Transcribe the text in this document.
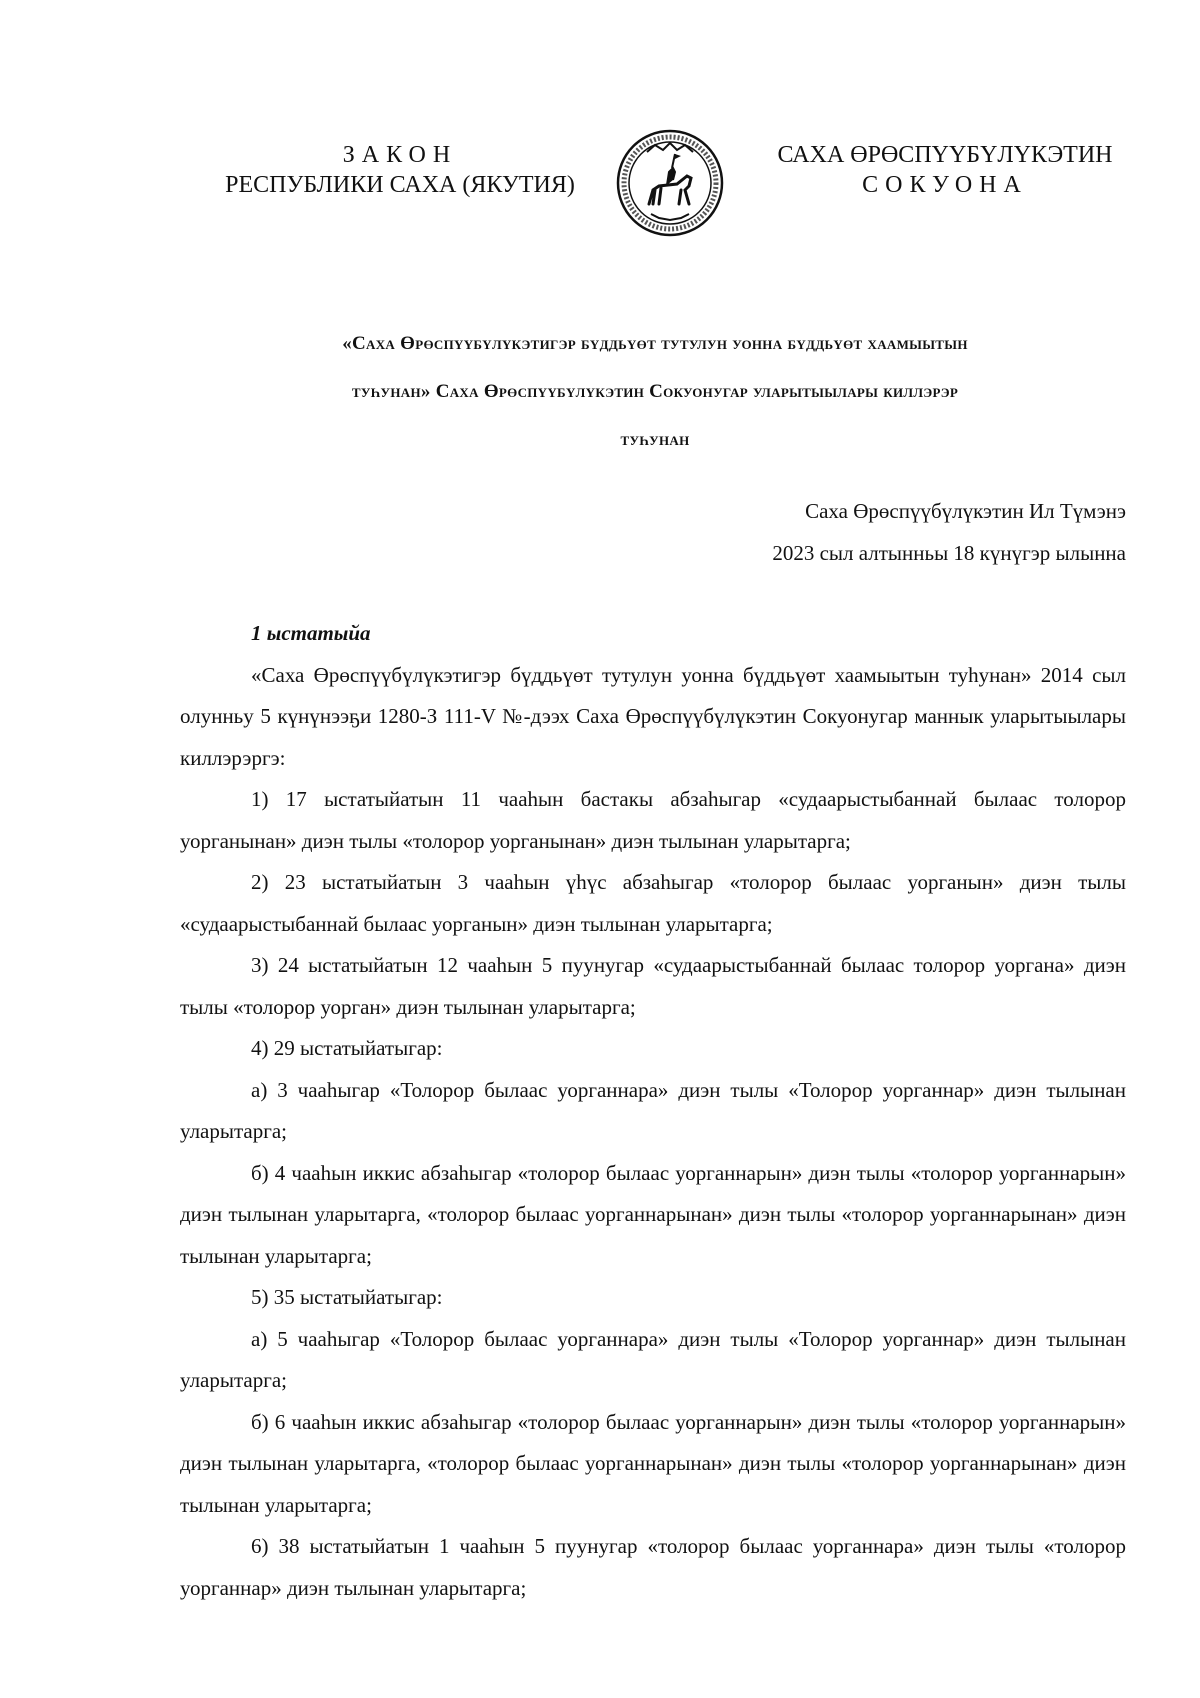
ЗАКОН
РЕСПУБЛИКИ САХА (ЯКУТИЯ)
САХА ӨРӨСПҮҮБҮЛҮКЭТИН
СОКУОНА
«Саха Өрөспүүбүлүкэтигэр бүддьүөт тутулун уонна бүддьүөт хаамыытын
туһунан» Саха Өрөспүүбүлүкэтин Сокуонугар уларытыылары киллэрэр
туһунан
Саха Өрөспүүбүлүкэтин Ил Түмэнэ
2023 сыл алтынньы 18 күнүгэр ылынна

1 ыстатыйа

«Саха Өрөспүүбүлүкэтигэр бүддьүөт тутулун уонна бүддьүөт хаамыытын туһунан» 2014 сыл олунньу 5 күнүнээҕи 1280-З 111-V №-дээх Саха Өрөспүүбүлүкэтин Сокуонугар маннык уларытыылары киллэрэргэ:

1) 17 ыстатыйатын 11 чааһын бастакы абзаһыгар «судаарыстыбаннай былаас толорор уорганынан» диэн тылы «толорор уорганынан» диэн тылынан уларытарга;

2) 23 ыстатыйатын 3 чааһын үһүс абзаһыгар «толорор былаас уорганын» диэн тылы «судаарыстыбаннай былаас уорганын» диэн тылынан уларытарга;

3) 24 ыстатыйатын 12 чааһын 5 пуунугар «судаарыстыбаннай былаас толорор уоргана» диэн тылы «толорор уорган» диэн тылынан уларытарга;

4) 29 ыстатыйатыгар:

а) 3 чааһыгар «Толорор былаас уорганнара» диэн тылы «Толорор уорганнар» диэн тылынан уларытарга;

б) 4 чааһын иккис абзаһыгар «толорор былаас уорганнарын» диэн тылы «толорор уорганнарын» диэн тылынан уларытарга, «толорор былаас уорганнарынан» диэн тылы «толорор уорганнарынан» диэн тылынан уларытарга;

5) 35 ыстатыйатыгар:

а) 5 чааһыгар «Толорор былаас уорганнара» диэн тылы «Толорор уорганнар» диэн тылынан уларытарга;

б) 6 чааһын иккис абзаһыгар «толорор былаас уорганнарын» диэн тылы «толорор уорганнарын» диэн тылынан уларытарга, «толорор былаас уорганнарынан» диэн тылы «толорор уорганнарынан» диэн тылынан уларытарга;

6) 38 ыстатыйатын 1 чааһын 5 пуунугар «толорор былаас уорганнара» диэн тылы «толорор уорганнар» диэн тылынан уларытарга;
